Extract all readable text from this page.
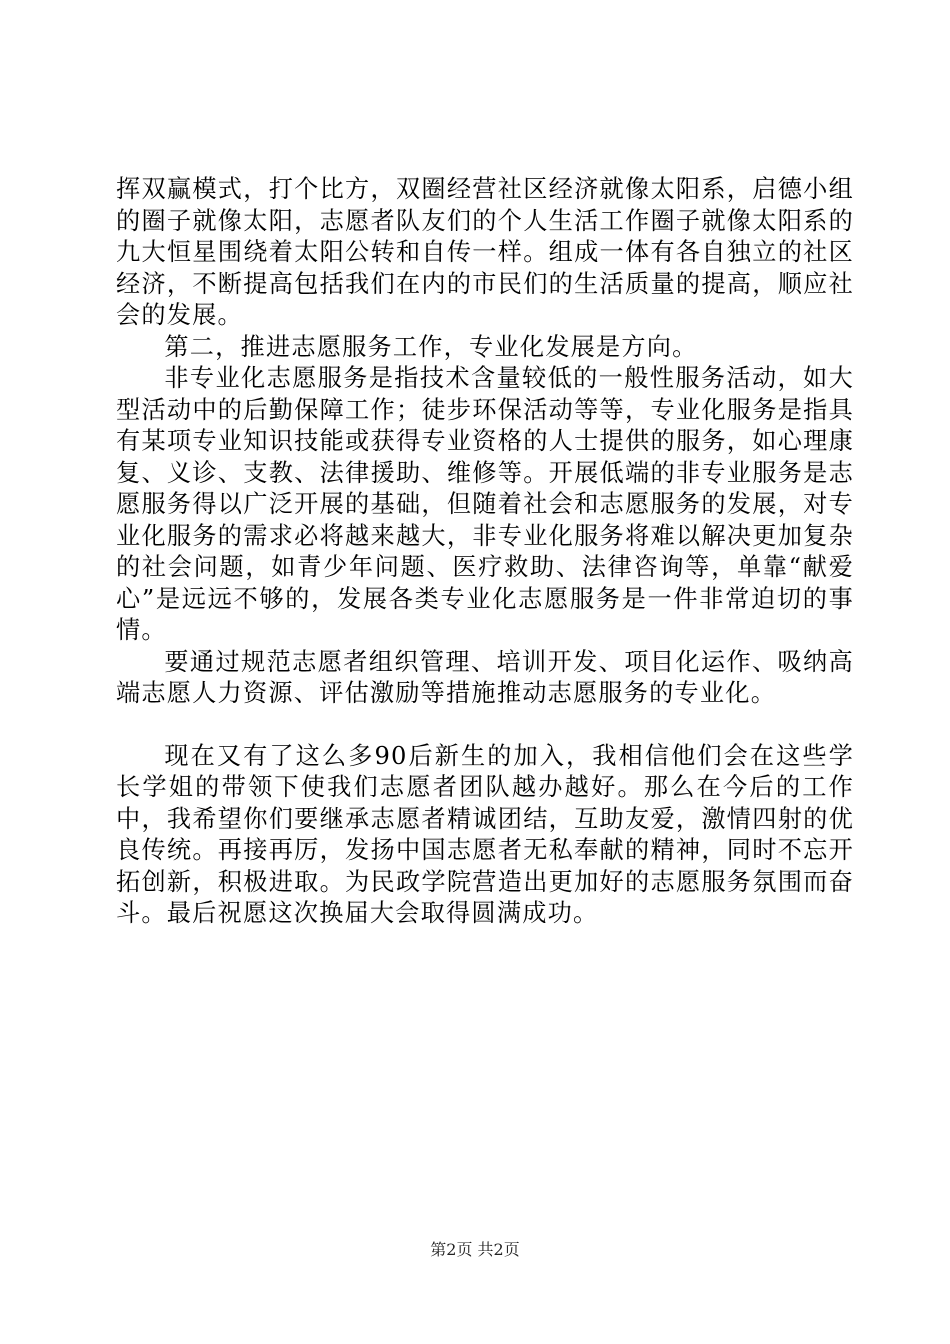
挥双赢模式，打个比方，双圈经营社区经济就像太阳系，启德小组的圈子就像太阳，志愿者队友们的个人生活工作圈子就像太阳系的九大恒星围绕着太阳公转和自传一样。组成一体有各自独立的社区经济，不断提高包括我们在内的市民们的生活质量的提高，顺应社会的发展。

第二，推进志愿服务工作，专业化发展是方向。

非专业化志愿服务是指技术含量较低的一般性服务活动，如大型活动中的后勤保障工作；徒步环保活动等等，专业化服务是指具有某项专业知识技能或获得专业资格的人士提供的服务，如心理康复、义诊、支教、法律援助、维修等。开展低端的非专业服务是志愿服务得以广泛开展的基础，但随着社会和志愿服务的发展，对专业化服务的需求必将越来越大，非专业化服务将难以解决更加复杂的社会问题，如青少年问题、医疗救助、法律咨询等，单靠“献爱心”是远远不够的，发展各类专业化志愿服务是一件非常迫切的事情。

要通过规范志愿者组织管理、培训开发、项目化运作、吸纳高端志愿人力资源、评估激励等措施推动志愿服务的专业化。

现在又有了这么多90后新生的加入，我相信他们会在这些学长学姐的带领下使我们志愿者团队越办越好。那么在今后的工作中，我希望你们要继承志愿者精诚团结，互助友爱，激情四射的优良传统。再接再厉，发扬中国志愿者无私奉献的精神，同时不忘开拓创新，积极进取。为民政学院营造出更加好的志愿服务氛围而奋斗。最后祝愿这次换届大会取得圆满成功。

第2页 共2页
